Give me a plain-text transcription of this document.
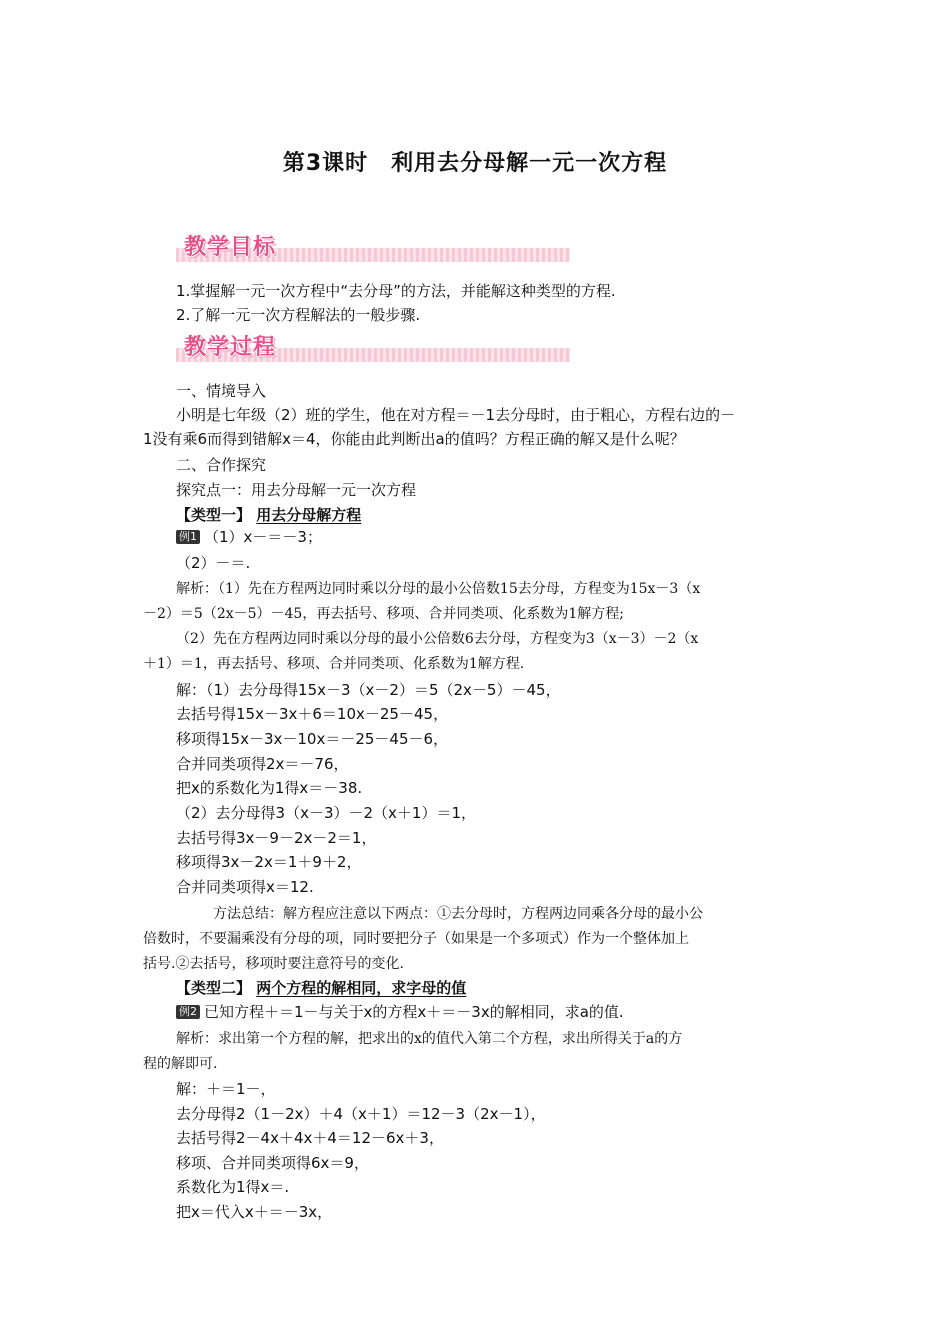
第3课时　利用去分母解一元一次方程
教学目标
1.掌握解一元一次方程中“去分母”的方法，并能解这种类型的方程.
2.了解一元一次方程解法的一般步骤.
教学过程
一、情境导入
小明是七年级（2）班的学生，他在对方程＝－1去分母时，由于粗心，方程右边的－
1没有乘6而得到错解x＝4，你能由此判断出a的值吗？方程正确的解又是什么呢？
二、合作探究
探究点一：用去分母解一元一次方程
【类型一】 用去分母解方程
例1 （1）x－＝－3；
（2）－＝.
解析：（1）先在方程两边同时乘以分母的最小公倍数15去分母，方程变为15x－3（x
－2）＝5（2x－5）－45，再去括号、移项、合并同类项、化系数为1解方程;
（2）先在方程两边同时乘以分母的最小公倍数6去分母，方程变为3（x－3）－2（x
＋1）＝1，再去括号、移项、合并同类项、化系数为1解方程.
解：（1）去分母得15x－3（x－2）＝5（2x－5）－45，
去括号得15x－3x＋6＝10x－25－45，
移项得15x－3x－10x＝－25－45－6，
合并同类项得2x＝－76，
把x的系数化为1得x＝－38.
（2）去分母得3（x－3）－2（x＋1）＝1，
去括号得3x－9－2x－2＝1，
移项得3x－2x＝1＋9＋2，
合并同类项得x＝12.
方法总结：解方程应注意以下两点：①去分母时，方程两边同乘各分母的最小公
倍数时，不要漏乘没有分母的项，同时要把分子（如果是一个多项式）作为一个整体加上
括号.②去括号，移项时要注意符号的变化.
【类型二】 两个方程的解相同，求字母的值
例2 已知方程＋＝1－与关于x的方程x＋＝－3x的解相同，求a的值.
解析：求出第一个方程的解，把求出的x的值代入第二个方程，求出所得关于a的方
程的解即可.
解：＋＝1－，
去分母得2（1－2x）＋4（x＋1）＝12－3（2x－1），
去括号得2－4x＋4x＋4＝12－6x＋3，
移项、合并同类项得6x＝9，
系数化为1得x＝.
把x＝代入x＋＝－3x，
